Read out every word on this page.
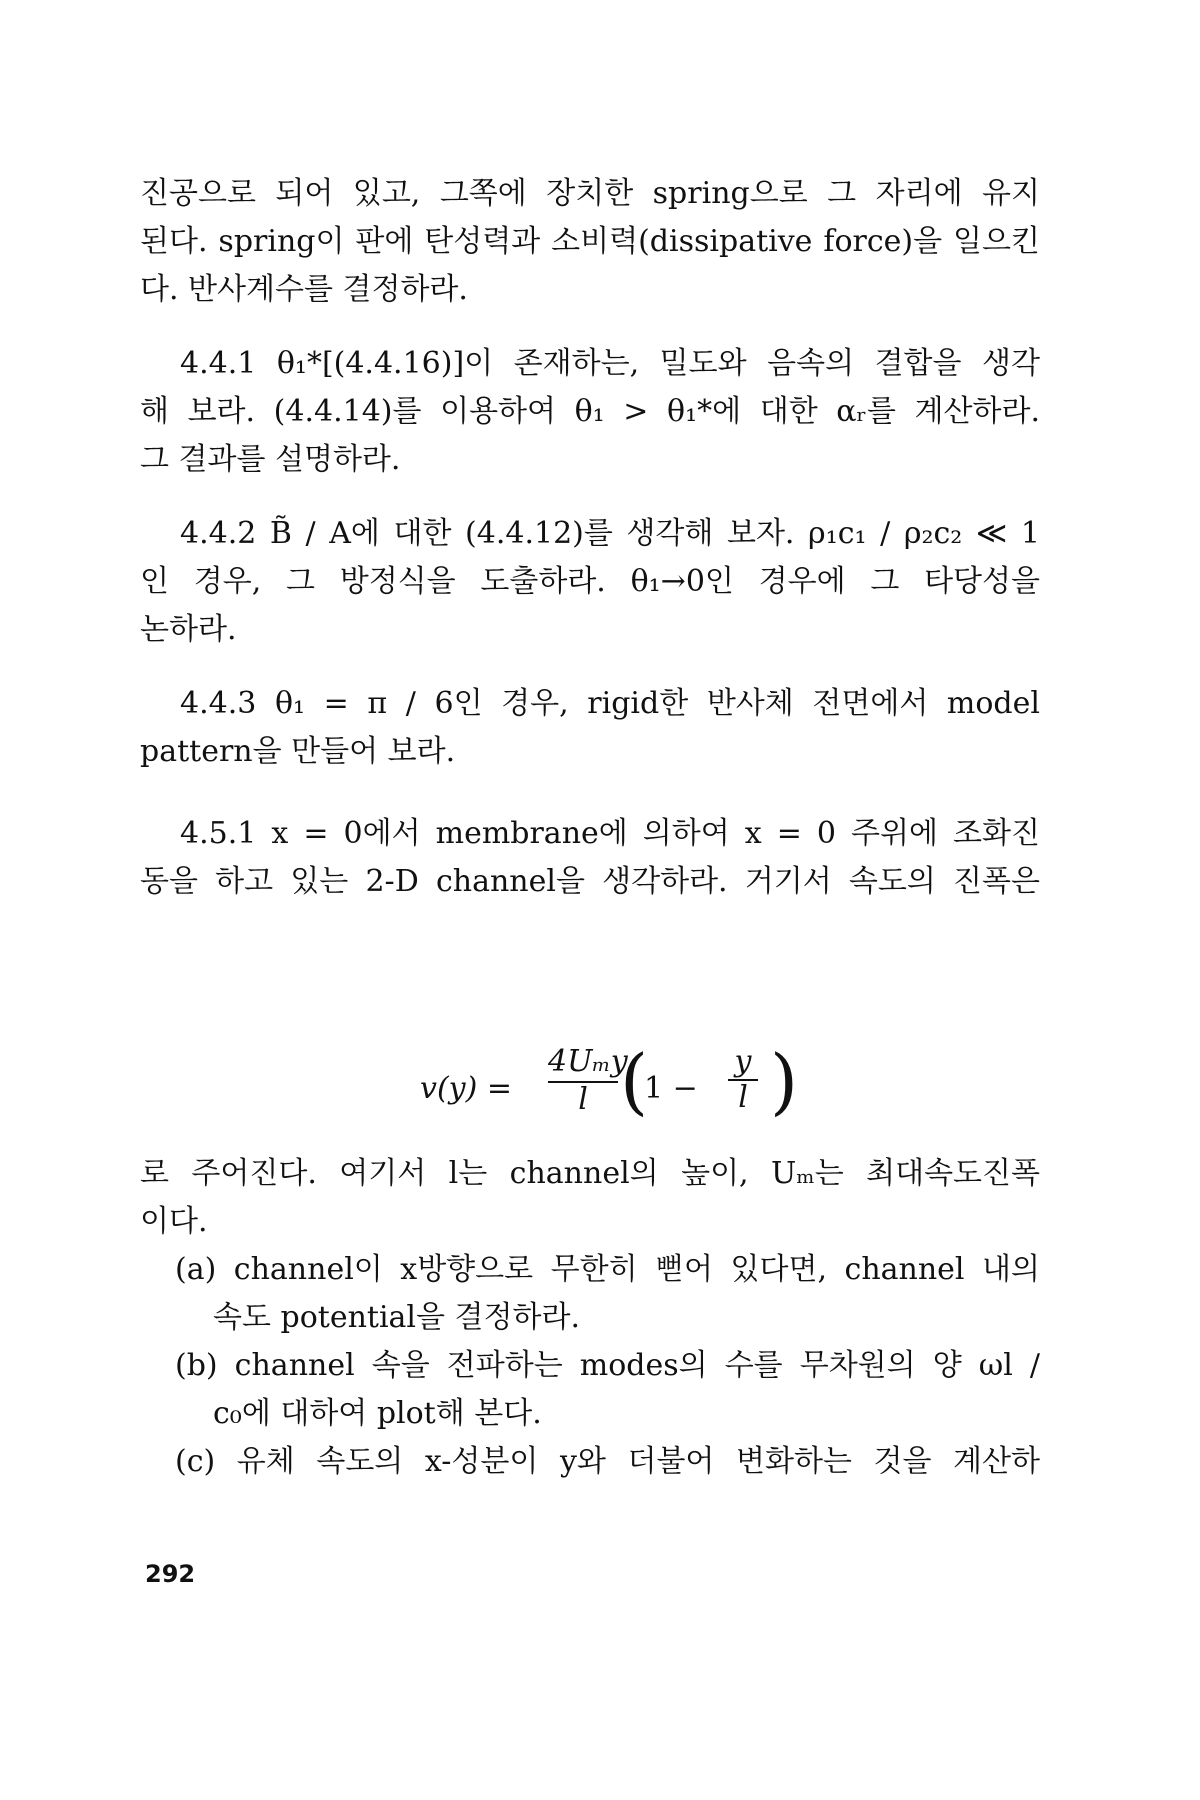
진공으로 되어 있고, 그쪽에 장치한 spring으로 그 자리에 유지
된다. spring이 판에 탄성력과 소비력(dissipative force)을 일으킨
다. 반사계수를 결정하라.
4.4.1 θ₁*[(4.4.16)]이 존재하는, 밀도와 음속의 결합을 생각
해 보라. (4.4.14)를 이용하여 θ₁ > θ₁*에 대한 αᵣ를 계산하라.
그 결과를 설명하라.
4.4.2 B̃ / A에 대한 (4.4.12)를 생각해 보자. ρ₁c₁ / ρ₂c₂ ≪ 1
인 경우, 그 방정식을 도출하라. θ₁→0인 경우에 그 타당성을
논하라.
4.4.3 θ₁ = π / 6인 경우, rigid한 반사체 전면에서 model
pattern을 만들어 보라.
4.5.1 x = 0에서 membrane에 의하여 x = 0 주위에 조화진
동을 하고 있는 2-D channel을 생각하라. 거기서 속도의 진폭은
v(y) =
4Uₘy
l (
$1 - \frac{y}{l}$ )
로 주어진다. 여기서 l는 channel의 높이, Uₘ는 최대속도진폭
이다.
(a) channel이 x방향으로 무한히 뻗어 있다면, channel 내의
속도 potential을 결정하라.
(b) channel 속을 전파하는 modes의 수를 무차원의 양 ωl /
c₀에 대하여 plot해 본다.
(c) 유체 속도의 x-성분이 y와 더불어 변화하는 것을 계산하
292
